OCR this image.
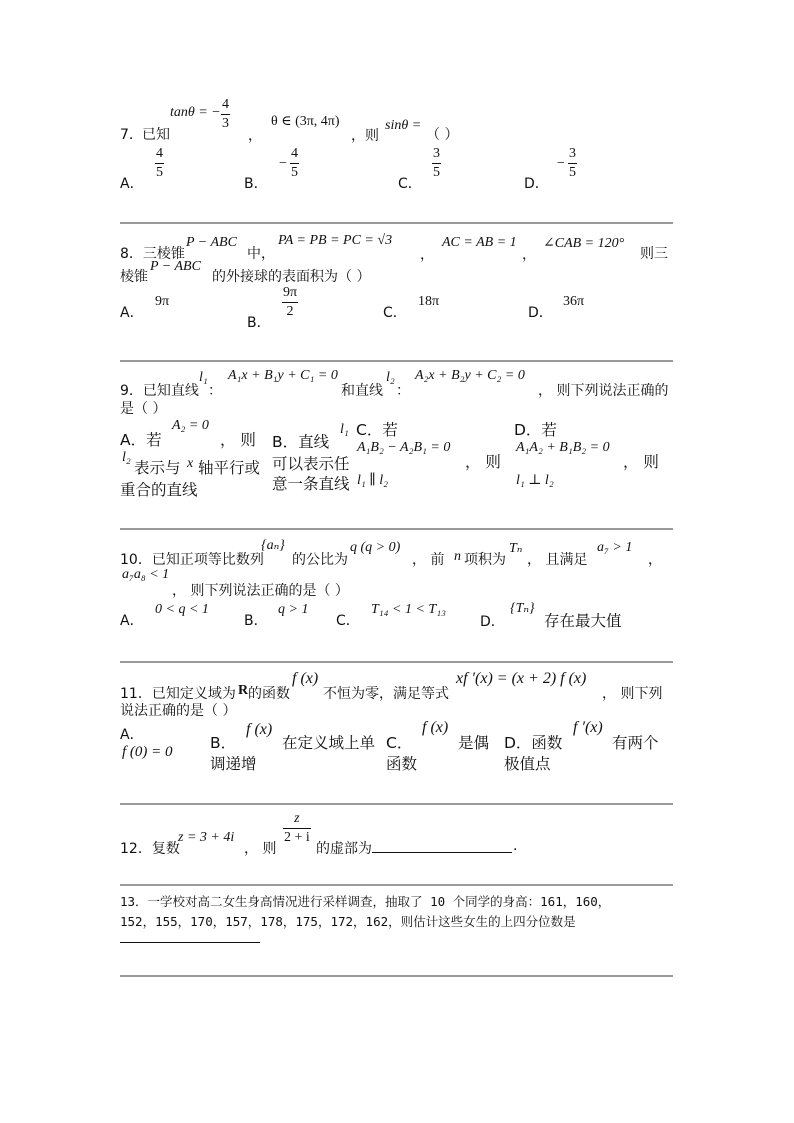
tanθ = −
4
3
，
θ ∈ (3π, 4π)
，则
sinθ =
7． 已知	（ ）
A．
4
5
B．
−
4
5
C．
3
5
D．
−
3
5
8．三棱锥
P − ABC
中，
PA = PB = PC = √3
，
AC = AB = 1
，
∠CAB = 120°
则三
棱锥
P − ABC
的外接球的表面积为（ ）
A．
9π
B．
9π
2	C．
18π
D．
36π
9．已知直线
l₁
：
A₁x + B₁y + C₁ = 0
和直线
l₂
：
A₂x + B₂y + C₂ = 0
， 则下列说法正确的
是（ ）
A．若
A₂ = 0
， 则
l₂
表示与 x 轴平行或
重合的直线
B．直线
l₁
可以表示任
意一条直线 l₁ ∥ l₂
C．若
A₁B₂ − A₂B₁ = 0
， 则
D．若
A₁A₂ + B₁B₂ = 0
， 则
l₁ ⊥ l₂
10．已知正项等比数列
{aₙ}
的公比为
q (q > 0)
， 前 n 项积为
Tₙ
， 且满足
a₇ > 1
，
a₇a₈ < 1
， 则下列说法正确的是（ ）
A．
0 < q < 1
B．
q > 1
C．
T₁₄ < 1 < T₁₃
D．
{Tₙ}
存在最大值
11．已知定义域为 R 的函数
f (x)
不恒为零，满足等式
xf ′(x) = (x + 2) f (x)
， 则下列
说法正确的是（ ）
A．
f (0) = 0 B．
f (x)
在定义域上单
调递增
C．
f (x)
是偶
函数
D．函数
f ′(x)
有两个
极值点
12．复数
z = 3 + 4i
， 则
z
2 + i
的虚部为	.
13．一学校对高二女生身高情况进行采样调查，抽取了 10 个同学的身高：161，160，
152，155，170，157，178，175，172，162，则估计这些女生的上四分位数是
